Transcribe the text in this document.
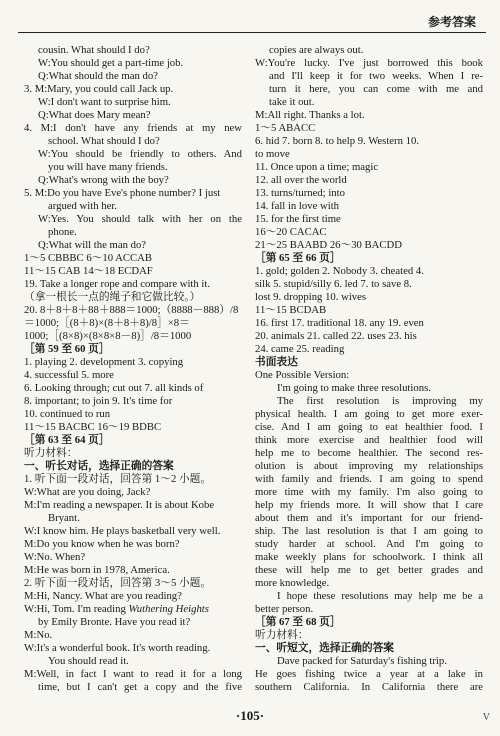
参考答案
cousin. What should I do?
W:You should get a part-time job.
Q:What should the man do?
3. M:Mary, you could call Jack up.
W:I don't want to surprise him.
Q:What does Mary mean?
4. M:I don't have any friends at my new
school. What should I do?
W:You should be friendly to others. And
you will have many friends.
Q:What's wrong with the boy?
5. M:Do you have Eve's phone number? I just
argued with her.
W:Yes. You should talk with her on the
phone.
Q:What will the man do?
1～5 CBBBC 6～10 ACCAB
11～15 CAB 14～18 ECDAF
19. Take a longer rope and compare with it.
（拿一根长一点的绳子和它做比较。）
20. 8＋8＋8＋88＋888＝1000;（8888－888）/8
＝1000;［(8＋8)×(8＋8＋8)/8］×8＝
1000;［(8×8)×(8×8×8－8)］/8＝1000
［第 59 至 60 页］
1. playing 2. development 3. copying
4. successful 5. more
6. Looking through; cut out 7. all kinds of
8. important; to join 9. It's time for
10. continued to run
11～15 BACBC 16～19 BDBC
［第 63 至 64 页］
听力材料：
一、听长对话，选择正确的答案
1. 听下面一段对话，回答第 1～2 小题。
W:What are you doing, Jack?
M:I'm reading a newspaper. It is about Kobe
Bryant.
W:I know him. He plays basketball very well.
M:Do you know when he was born?
W:No. When?
M:He was born in 1978, America.
2. 听下面一段对话，回答第 3～5 小题。
M:Hi, Nancy. What are you reading?
W:Hi, Tom. I'm reading Wuthering Heights
by Emily Bronte. Have you read it?
M:No.
W:It's a wonderful book. It's worth reading.
You should read it.
M:Well, in fact I want to read it for a long
time, but I can't get a copy and the five
copies are always out.
W:You're lucky. I've just borrowed this book
and I'll keep it for two weeks. When I re-
turn it here, you can come with me and
take it out.
M:All right. Thanks a lot.
1～5 ABACC
6. hid 7. born 8. to help 9. Western 10.
to move
11. Once upon a time; magic
12. all over the world
13. turns/turned; into
14. fall in love with
15. for the first time
16～20 CACAC
21～25 BAABD 26～30 BACDD
［第 65 至 66 页］
1. gold; golden 2. Nobody 3. cheated 4.
silk 5. stupid/silly 6. led 7. to save 8.
lost 9. dropping 10. wives
11～15 BCDAB
16. first 17. traditional 18. any 19. even
20. animals 21. called 22. uses 23. his
24. came 25. reading
书面表达
One Possible Version:
I'm going to make three resolutions.
The first resolution is improving my
physical health. I am going to get more exer-
cise. And I am going to eat healthier food. I
think more exercise and healthier food will
help me to become healthier. The second res-
olution is about improving my relationships
with family and friends. I am going to spend
more time with my family. I'm also going to
help my friends more. It will show that I care
about them and it's important for our friend-
ship. The last resolution is that I am going to
study harder at school. And I'm going to
make weekly plans for schoolwork. I think all
these will help me to get better grades and
more knowledge.
I hope these resolutions may help me be a
better person.
［第 67 至 68 页］
听力材料：
一、听短文，选择正确的答案
Dave packed for Saturday's fishing trip.
He goes fishing twice a year at a lake in
southern California. In California there are
·105·	V
